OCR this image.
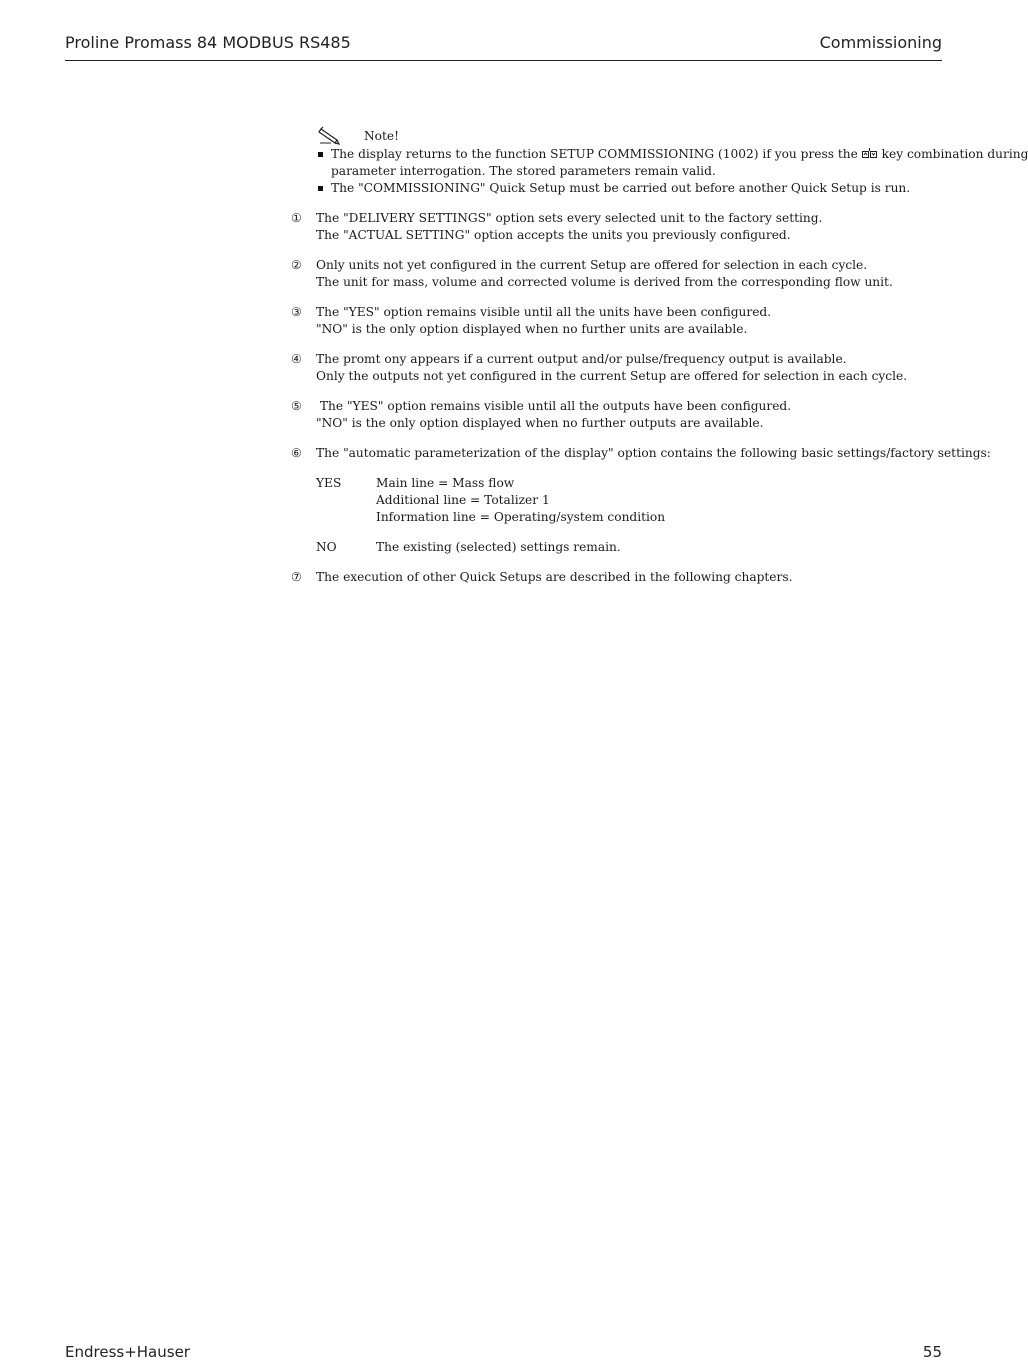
Proline Promass 84 MODBUS RS485	Commissioning
Note!
The display returns to the function SETUP COMMISSIONING (1002) if you press the key combination during
parameter interrogation. The stored parameters remain valid.
The "COMMISSIONING" Quick Setup must be carried out before another Quick Setup is run.
① The "DELIVERY SETTINGS" option sets every selected unit to the factory setting.
The "ACTUAL SETTING" option accepts the units you previously configured.
② Only units not yet configured in the current Setup are offered for selection in each cycle.
The unit for mass, volume and corrected volume is derived from the corresponding flow unit.
③ The "YES" option remains visible until all the units have been configured.
"NO" is the only option displayed when no further units are available.
④ The promt ony appears if a current output and/or pulse/frequency output is available.
Only the outputs not yet configured in the current Setup are offered for selection in each cycle.
⑤ The "YES" option remains visible until all the outputs have been configured.
"NO" is the only option displayed when no further outputs are available.
⑥ The "automatic parameterization of the display" option contains the following basic settings/factory settings:
YES	Main line = Mass flow
Additional line = Totalizer 1
Information line = Operating/system condition
NO	The existing (selected) settings remain.
⑦ The execution of other Quick Setups are described in the following chapters.
Endress+Hauser	55
